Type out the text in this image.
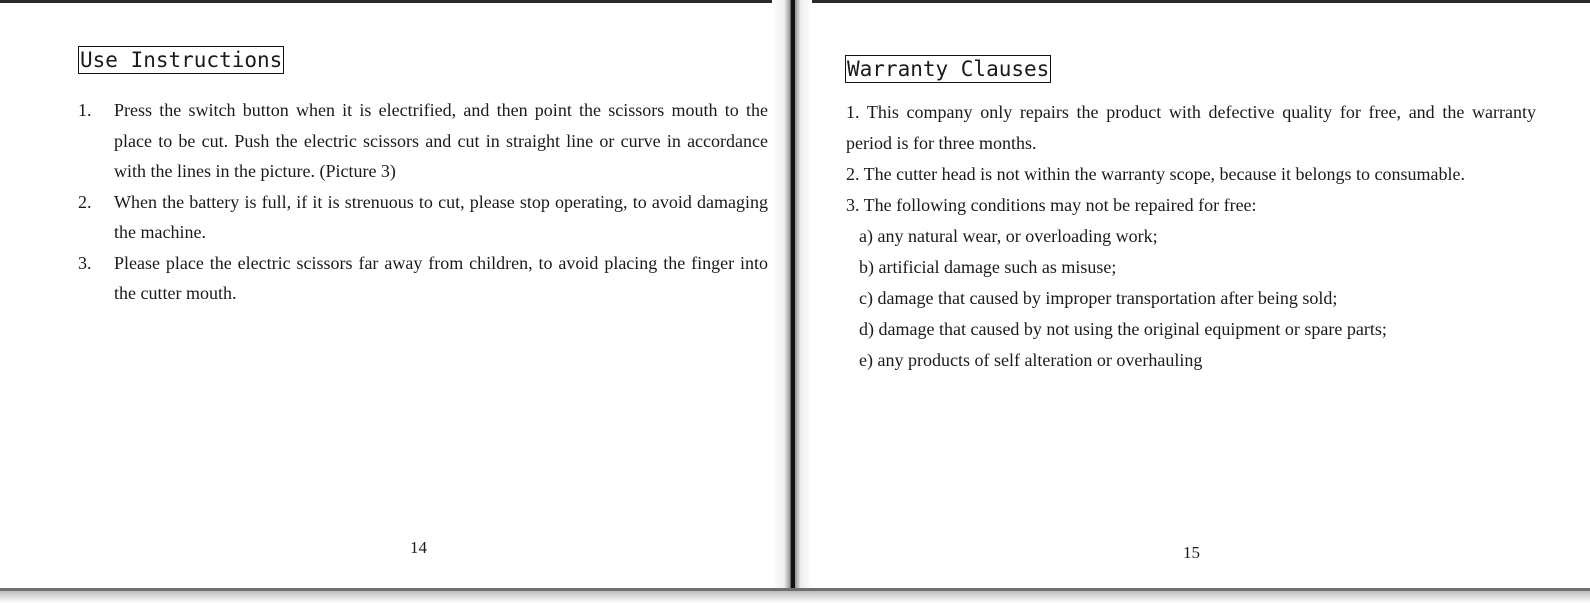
Use Instructions
1. Press the switch button when it is electrified, and then point the scissors mouth to the place to be cut. Push the electric scissors and cut in straight line or curve in accordance with the lines in the picture. (Picture 3)
2. When the battery is full, if it is strenuous to cut, please stop operating, to avoid damaging the machine.
3. Please place the electric scissors far away from children, to avoid placing the finger into the cutter mouth.
14
Warranty Clauses

1. This company only repairs the product with defective quality for free, and the warranty period is for three months.

2. The cutter head is not within the warranty scope, because it belongs to consumable.

3. The following conditions may not be repaired for free:

a) any natural wear, or overloading work;

b) artificial damage such as misuse;

c) damage that caused by improper transportation after being sold;

d) damage that caused by not using the original equipment or spare parts;

e) any products of self alteration or overhauling

15
